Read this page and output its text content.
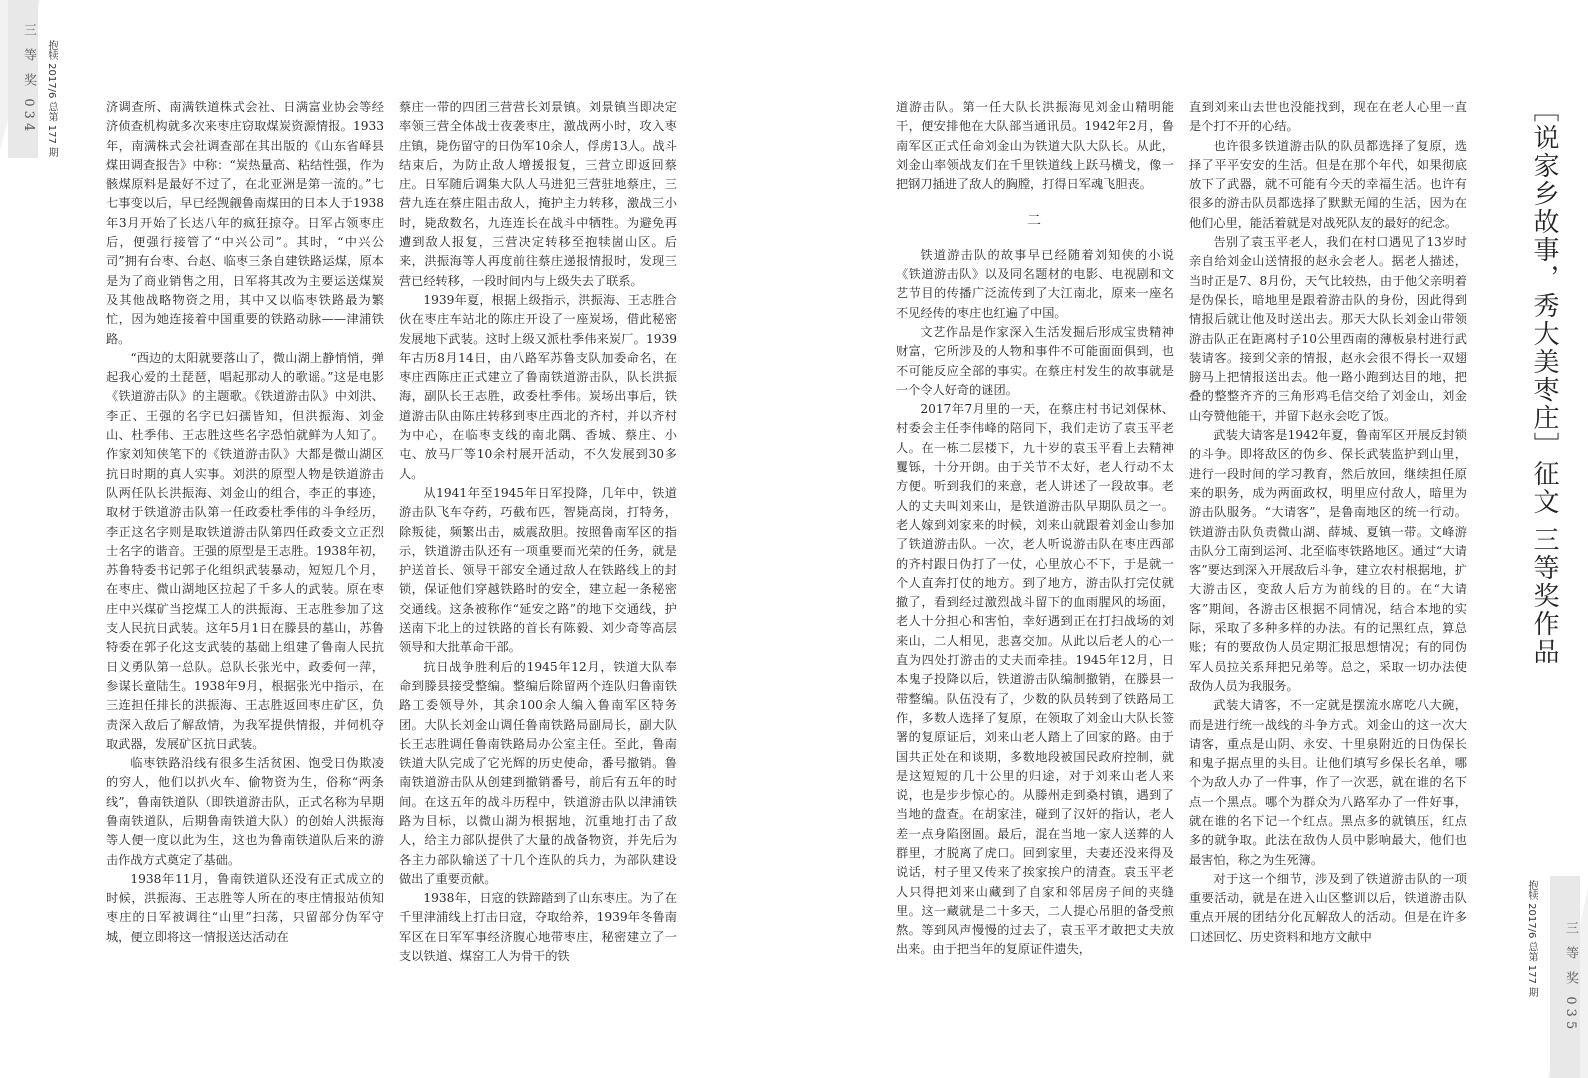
三 等 奖 034 抱犊 2017/6 总第 177 期	济调查所、南满铁道株式会社、日满富业协会等经济侦查机构就多次来枣庄窃取煤炭资源情报。1933年，南满株式会社调查部在其出版的《山东省峄县煤田调查报告》中称：“炭热量高、粘结性强，作为骸煤原料是最好不过了，在北亚洲是第一流的。”七七事变以后，早已经觊觎鲁南煤田的日本人于1938年3月开始了长达八年的疯狂掠夺。日军占领枣庄后，便强行接管了“中兴公司”。其时，“中兴公司”拥有台枣、台赵、临枣三条自建铁路运煤，原本是为了商业销售之用，日军将其改为主要运送煤炭及其他战略物资之用，其中又以临枣铁路最为繁忙，因为她连接着中国重要的铁路动脉——津浦铁路。

“西边的太阳就要落山了，微山湖上静悄悄，弹起我心爱的土琵琶，唱起那动人的歌谣。”这是电影《铁道游击队》的主题歌。《铁道游击队》中刘洪、李正、王强的名字已妇孺皆知，但洪振海、刘金山、杜季伟、王志胜这些名字恐怕就鲜为人知了。作家刘知侠笔下的《铁道游击队》大都是微山湖区抗日时期的真人实事。刘洪的原型人物是铁道游击队两任队长洪振海、刘金山的组合，李正的事迹，取材于铁道游击队第一任政委杜季伟的斗争经历，李正这名字则是取铁道游击队第四任政委文立正烈士名字的谐音。王强的原型是王志胜。1938年初，苏鲁特委书记郭子化组织武装暴动，短短几个月，在枣庄、微山湖地区拉起了千多人的武装。原在枣庄中兴煤矿当挖煤工人的洪振海、王志胜参加了这支人民抗日武装。这年5月1日在滕县的墓山，苏鲁特委在郭子化这支武装的基础上组建了鲁南人民抗日义勇队第一总队。总队长张光中，政委何一萍，参谋长童陆生。1938年9月，根据张光中指示，在三连担任排长的洪振海、王志胜返回枣庄矿区，负责深入敌后了解敌情，为我军提供情报，并伺机夺取武器，发展矿区抗日武装。

临枣铁路沿线有很多生活贫困、饱受日伪欺凌的穷人，他们以扒火车、偷物资为生，俗称“两条线”，鲁南铁道队（即铁道游击队，正式名称为早期鲁南铁道队，后期鲁南铁道大队）的创始人洪振海等人便一度以此为生，这也为鲁南铁道队后来的游击作战方式奠定了基础。

1938年11月，鲁南铁道队还没有正式成立的时候，洪振海、王志胜等人所在的枣庄情报站侦知枣庄的日军被调往“山里”扫荡，只留部分伪军守城，便立即将这一情报送达活动在

蔡庄一带的四团三营营长刘景镇。刘景镇当即决定率领三营全体战士夜袭枣庄，激战两小时，攻入枣庄镇，毙伤留守的日伪军10余人，俘虏13人。战斗结束后，为防止敌人增援报复，三营立即返回蔡庄。日军随后调集大队人马进犯三营驻地蔡庄，三营九连在蔡庄阻击敌人，掩护主力转移，激战三小时，毙敌数名，九连连长在战斗中牺牲。为避免再遭到敌人报复，三营决定转移至抱犊崮山区。后来，洪振海等人再度前往蔡庄递报情报时，发现三营已经转移，一段时间内与上级失去了联系。

1939年夏，根据上级指示，洪振海、王志胜合伙在枣庄车站北的陈庄开设了一座炭场，借此秘密发展地下武装。这时上级又派杜季伟来炭厂。1939年古历8月14日，由八路军苏鲁支队加委命名，在枣庄西陈庄正式建立了鲁南铁道游击队，队长洪振海，副队长王志胜，政委杜季伟。炭场出事后，铁道游击队由陈庄转移到枣庄西北的齐村，并以齐村为中心，在临枣支线的南北隅、香城、蔡庄、小屯、放马厂等10余村展开活动，不久发展到30多人。

从1941年至1945年日军投降，几年中，铁道游击队飞车夺药，巧截布匹，智毙高岗，打特务，除叛徒，频繁出击，威震敌胆。按照鲁南军区的指示，铁道游击队还有一项重要而光荣的任务，就是护送首长、领导干部安全通过敌人在铁路线上的封锁，保证他们穿越铁路时的安全，建立起一条秘密交通线。这条被称作“延安之路”的地下交通线，护送南下北上的过铁路的首长有陈毅、刘少奇等高层领导和大批革命干部。

抗日战争胜利后的1945年12月，铁道大队奉命到滕县接受整编。整编后除留两个连队归鲁南铁路工委领导外，其余100余人编入鲁南军区特务团。大队长刘金山调任鲁南铁路局副局长，副大队长王志胜调任鲁南铁路局办公室主任。至此，鲁南铁道大队完成了它光辉的历史使命，番号撤销。鲁南铁道游击队从创建到撤销番号，前后有五年的时间。在这五年的战斗历程中，铁道游击队以津浦铁路为目标，以微山湖为根据地，沉重地打击了敌人，给主力部队提供了大量的战备物资，并先后为各主力部队输送了十几个连队的兵力，为部队建设做出了重要贡献。

1938年，日寇的铁蹄踏到了山东枣庄。为了在千里津浦线上打击日寇，夺取给养，1939年冬鲁南军区在日军军事经济腹心地带枣庄，秘密建立了一支以铁道、煤窑工人为骨干的铁

道游击队。第一任大队长洪振海见刘金山精明能干，便安排他在大队部当通讯员。1942年2月，鲁南军区正式任命刘金山为铁道大队大队长。从此，刘金山率领战友们在千里铁道线上跃马横戈，像一把钢刀插进了敌人的胸膛，打得日军魂飞胆丧。

二

铁道游击队的故事早已经随着刘知侠的小说《铁道游击队》以及同名题材的电影、电视剧和文艺节目的传播广泛流传到了大江南北，原来一座名不见经传的枣庄也红遍了中国。

文艺作品是作家深入生活发掘后形成宝贵精神财富，它所涉及的人物和事件不可能面面俱到，也不可能反应全部的事实。在蔡庄村发生的故事就是一个令人好奇的谜团。

2017年7月里的一天，在蔡庄村书记刘保林、村委会主任李伟峰的陪同下，我们走访了袁玉平老人。在一栋二层楼下，九十岁的袁玉平看上去精神矍铄，十分开朗。由于关节不太好，老人行动不太方便。听到我们的来意，老人讲述了一段故事。老人的丈夫叫刘来山，是铁道游击队早期队员之一。老人嫁到刘家来的时候，刘来山就跟着刘金山参加了铁道游击队。一次，老人听说游击队在枣庄西部的齐村跟日伪打了一仗，心里放心不下，于是就一个人直奔打仗的地方。到了地方，游击队打完仗就撤了，看到经过激烈战斗留下的血雨腥风的场面，老人十分担心和害怕，幸好遇到正在打扫战场的刘来山，二人相见，悲喜交加。从此以后老人的心一直为四处打游击的丈夫而牵挂。1945年12月，日本鬼子投降以后，铁道游击队编制撤销，在滕县一带整编。队伍没有了，少数的队员转到了铁路局工作，多数人选择了复原，在领取了刘金山大队长签署的复原证后，刘来山老人踏上了回家的路。由于国共正处在和谈期，多数地段被国民政府控制，就是这短短的几十公里的归途，对于刘来山老人来说，也是步步惊心的。从滕州走到桑村镇，遇到了当地的盘查。在胡家洼，碰到了汉奸的指认，老人差一点身陷囹圄。最后，混在当地一家人送葬的人群里，才脱离了虎口。回到家里，夫妻还没来得及说话，村子里又传来了挨家挨户的清查。袁玉平老人只得把刘来山藏到了自家和邻居房子间的夹缝里。这一藏就是二十多天，二人提心吊胆的备受煎熬。等到风声慢慢的过去了，袁玉平才敢把丈夫放出来。由于把当年的复原证件遗失，

直到刘来山去世也没能找到，现在在老人心里一直是个打不开的心结。

也许很多铁道游击队的队员都选择了复原，选择了平平安安的生活。但是在那个年代，如果彻底放下了武器，就不可能有今天的幸福生活。也许有很多的游击队员都选择了默默无闻的生活，因为在他们心里，能活着就是对战死队友的最好的纪念。

告别了袁玉平老人，我们在村口遇见了13岁时亲自给刘金山送情报的赵永会老人。据老人描述，当时正是7、8月份，天气比较热，由于他父亲明着是伪保长，暗地里是跟着游击队的身份，因此得到情报后就让他及时送出去。那天大队长刘金山带领游击队正在距离村子10公里西南的薄板泉村进行武装请客。接到父亲的情报，赵永会很不得长一双翅膀马上把情报送出去。他一路小跑到达目的地，把叠的整整齐齐的三角形鸡毛信交给了刘金山，刘金山夸赞他能干，并留下赵永会吃了饭。

武装大请客是1942年夏，鲁南军区开展反封锁的斗争。即将敌区的伪乡、保长武装监护到山里，进行一段时间的学习教育，然后放回，继续担任原来的职务，成为两面政权，明里应付敌人，暗里为游击队服务。“大请客”，是鲁南地区的统一行动。铁道游击队负责微山湖、薛城、夏镇一带。文峰游击队分工南到运河、北至临枣铁路地区。通过“大请客”要达到深入开展敌后斗争，建立农村根据地，扩大游击区，变敌人后方为前线的目的。在“大请客”期间，各游击区根据不同情况，结合本地的实际，采取了多种多样的办法。有的记黑红点，算总账；有的要敌伪人员定期汇报思想情况；有的同伪军人员拉关系拜把兄弟等。总之，采取一切办法使敌伪人员为我服务。

武装大请客，不一定就是摆流水席吃八大碗，而是进行统一战线的斗争方式。刘金山的这一次大请客，重点是山阴、永安、十里泉附近的日伪保长和鬼子据点里的头目。让他们填写乡保长名单，哪个为敌人办了一件事，作了一次恶，就在谁的名下点一个黑点。哪个为群众为八路军办了一件好事，就在谁的名下记一个红点。黑点多的就镇压，红点多的就争取。此法在敌伪人员中影响最大，他们也最害怕，称之为生死簿。

对于这一个细节，涉及到了铁道游击队的一项重要活动，就是在进入山区整训以后，铁道游击队重点开展的团结分化瓦解敌人的活动。但是在许多口述回忆、历史资料和地方文献中

［说家乡故事，秀大美枣庄］征文 三等奖作品
抱犊 2017/6 总第 177 期	三 等 奖 035
